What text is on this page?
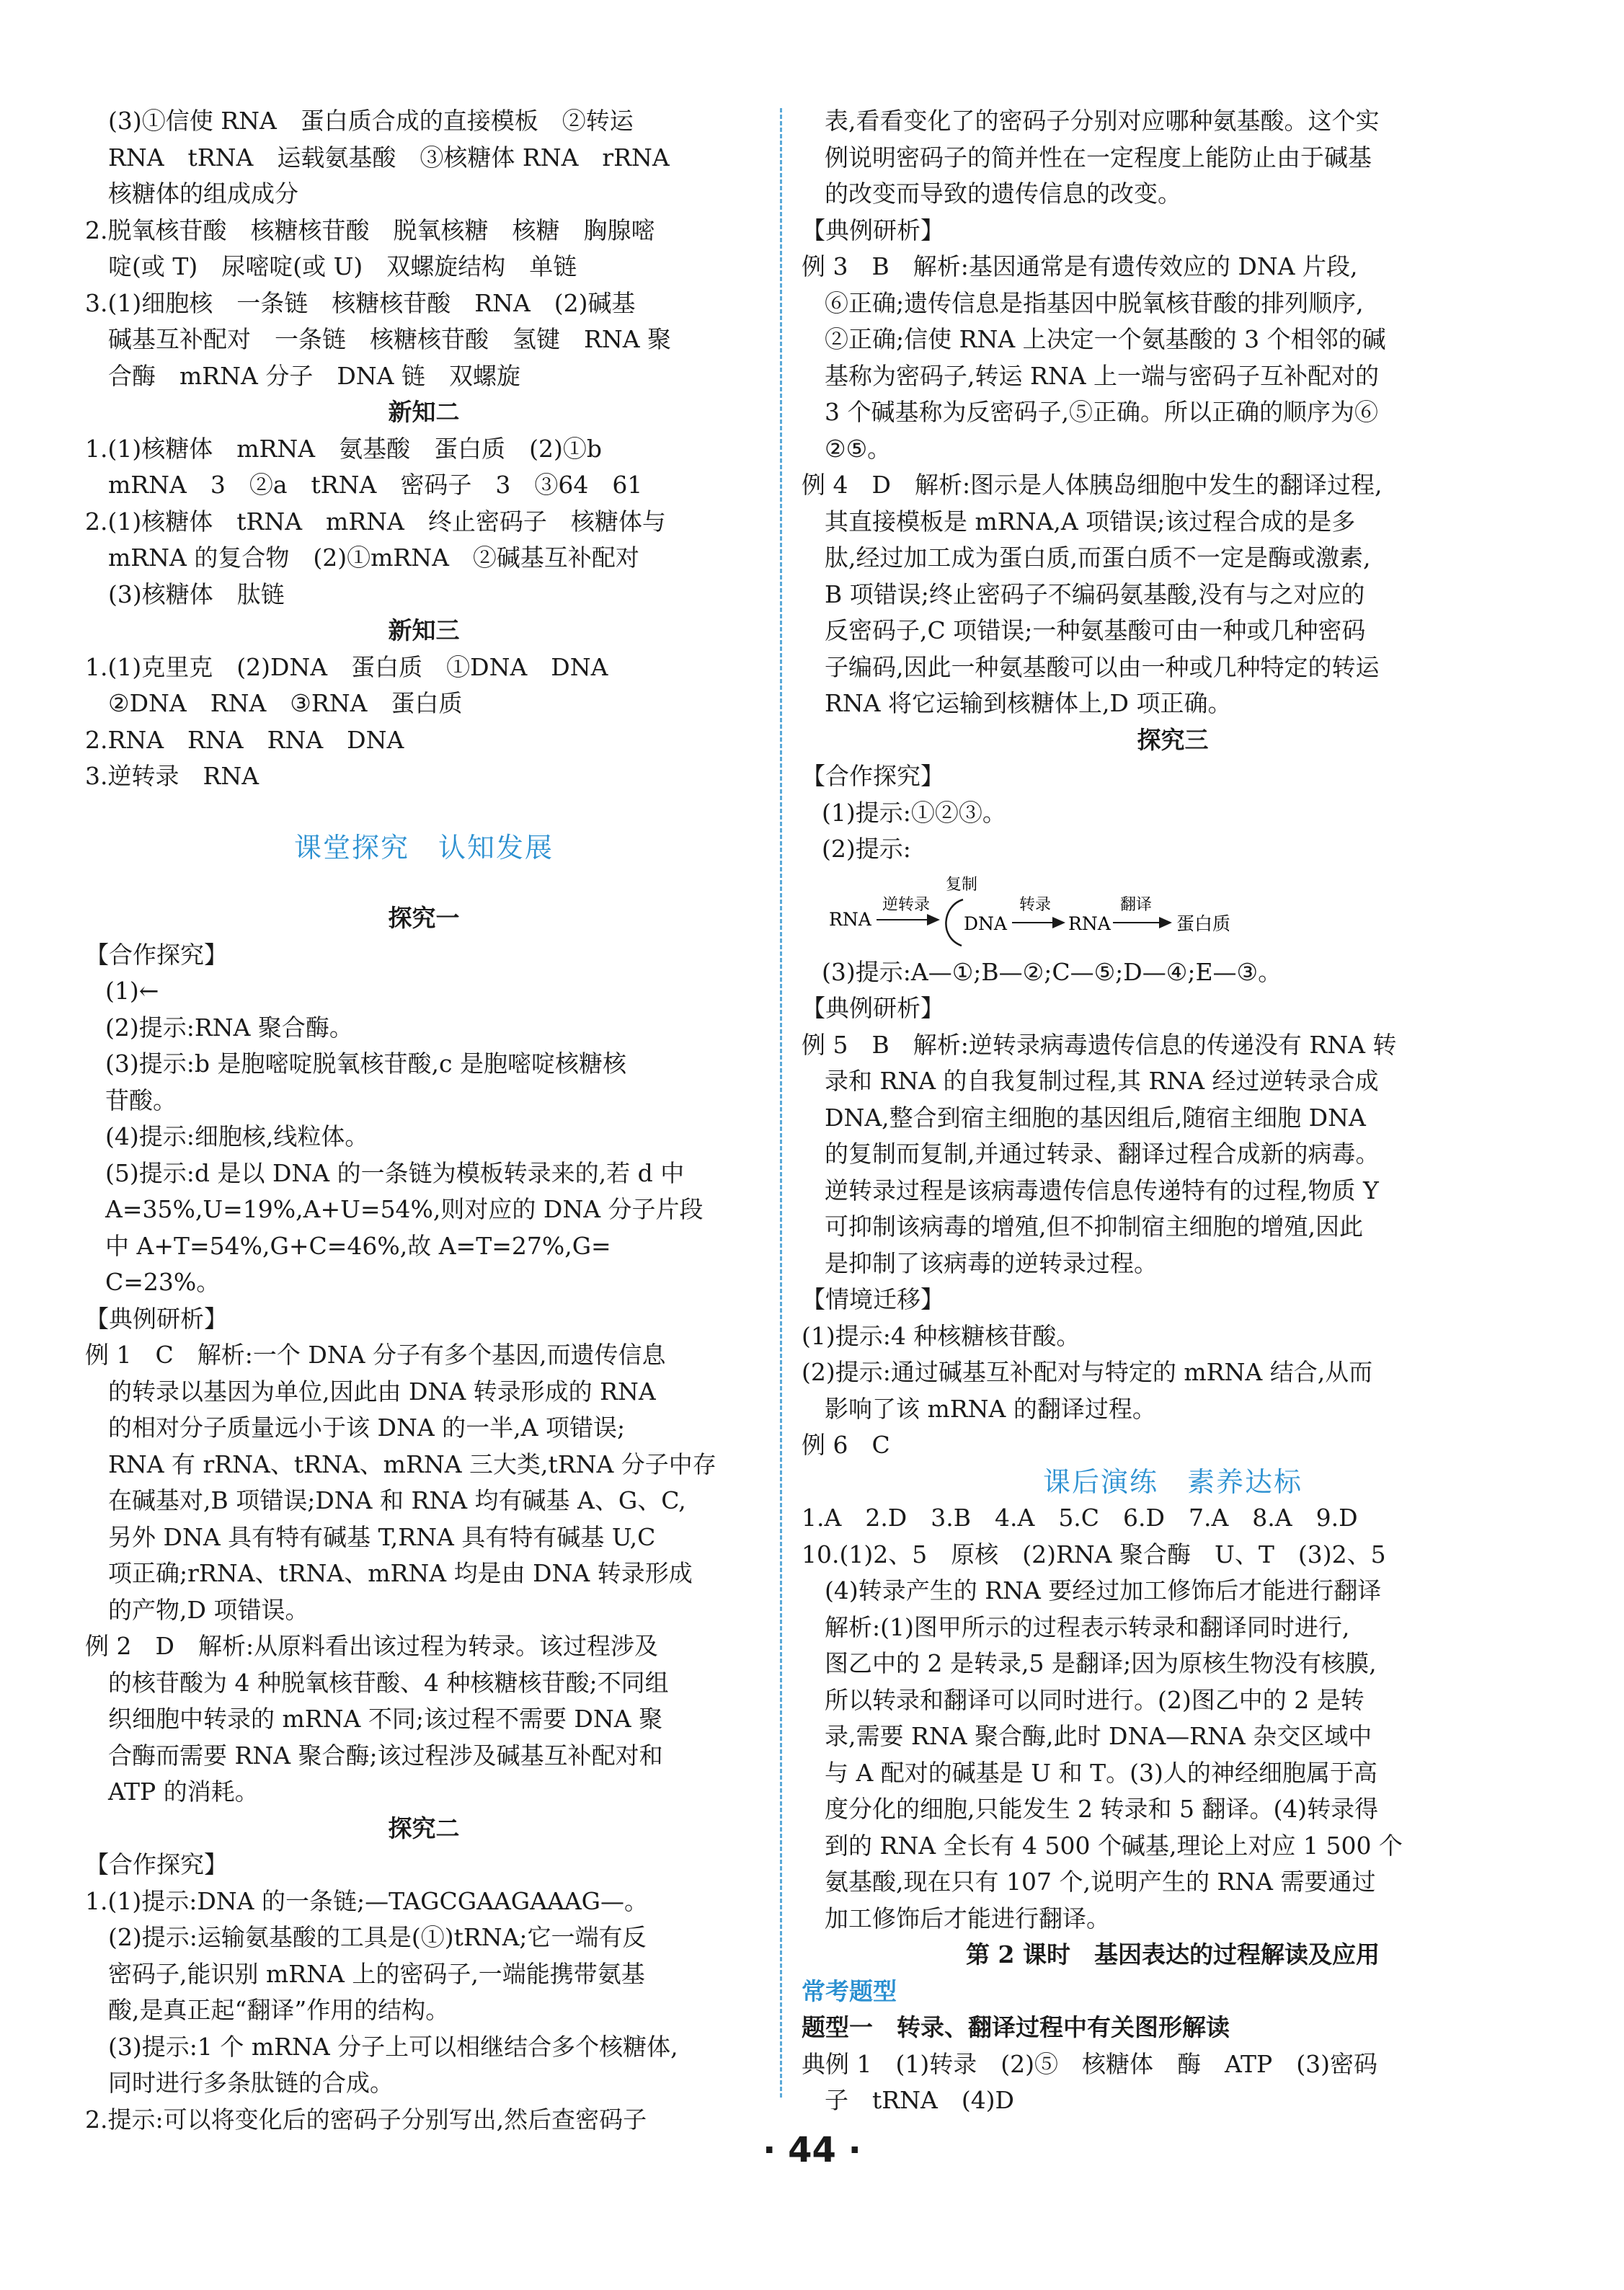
(3)①信使 RNA　蛋白质合成的直接模板　②转运
RNA　tRNA　运载氨基酸　③核糖体 RNA　rRNA
核糖体的组成成分
2.脱氧核苷酸　核糖核苷酸　脱氧核糖　核糖　胸腺嘧
啶(或 T)　尿嘧啶(或 U)　双螺旋结构　单链
3.(1)细胞核　一条链　核糖核苷酸　RNA　(2)碱基
碱基互补配对　一条链　核糖核苷酸　氢键　RNA 聚
合酶　mRNA 分子　DNA 链　双螺旋
新知二
1.(1)核糖体　mRNA　氨基酸　蛋白质　(2)①b
mRNA　3　②a　tRNA　密码子　3　③64　61
2.(1)核糖体　tRNA　mRNA　终止密码子　核糖体与
mRNA 的复合物　(2)①mRNA　②碱基互补配对
(3)核糖体　肽链
新知三
1.(1)克里克　(2)DNA　蛋白质　①DNA　DNA
②DNA　RNA　③RNA　蛋白质
2.RNA　RNA　RNA　DNA
3.逆转录　RNA
课堂探究　认知发展
探究一
【合作探究】
(1)←
(2)提示:RNA 聚合酶。
(3)提示:b 是胞嘧啶脱氧核苷酸,c 是胞嘧啶核糖核
苷酸。
(4)提示:细胞核,线粒体。
(5)提示:d 是以 DNA 的一条链为模板转录来的,若 d 中
A=35%,U=19%,A+U=54%,则对应的 DNA 分子片段
中 A+T=54%,G+C=46%,故 A=T=27%,G=
C=23%。
【典例研析】
例 1　C　解析:一个 DNA 分子有多个基因,而遗传信息
的转录以基因为单位,因此由 DNA 转录形成的 RNA
的相对分子质量远小于该 DNA 的一半,A 项错误;
RNA 有 rRNA、tRNA、mRNA 三大类,tRNA 分子中存
在碱基对,B 项错误;DNA 和 RNA 均有碱基 A、G、C,
另外 DNA 具有特有碱基 T,RNA 具有特有碱基 U,C
项正确;rRNA、tRNA、mRNA 均是由 DNA 转录形成
的产物,D 项错误。
例 2　D　解析:从原料看出该过程为转录。该过程涉及
的核苷酸为 4 种脱氧核苷酸、4 种核糖核苷酸;不同组
织细胞中转录的 mRNA 不同;该过程不需要 DNA 聚
合酶而需要 RNA 聚合酶;该过程涉及碱基互补配对和
ATP 的消耗。
探究二
【合作探究】
1.(1)提示:DNA 的一条链;—TAGCGAAGAAAG—。
(2)提示:运输氨基酸的工具是(①)tRNA;它一端有反
密码子,能识别 mRNA 上的密码子,一端能携带氨基
酸,是真正起“翻译”作用的结构。
(3)提示:1 个 mRNA 分子上可以相继结合多个核糖体,
同时进行多条肽链的合成。
2.提示:可以将变化后的密码子分别写出,然后查密码子
表,看看变化了的密码子分别对应哪种氨基酸。这个实
例说明密码子的简并性在一定程度上能防止由于碱基
的改变而导致的遗传信息的改变。
【典例研析】
例 3　B　解析:基因通常是有遗传效应的 DNA 片段,
⑥正确;遗传信息是指基因中脱氧核苷酸的排列顺序,
②正确;信使 RNA 上决定一个氨基酸的 3 个相邻的碱
基称为密码子,转运 RNA 上一端与密码子互补配对的
3 个碱基称为反密码子,⑤正确。所以正确的顺序为⑥
②⑤。
例 4　D　解析:图示是人体胰岛细胞中发生的翻译过程,
其直接模板是 mRNA,A 项错误;该过程合成的是多
肽,经过加工成为蛋白质,而蛋白质不一定是酶或激素,
B 项错误;终止密码子不编码氨基酸,没有与之对应的
反密码子,C 项错误;一种氨基酸可由一种或几种密码
子编码,因此一种氨基酸可以由一种或几种特定的转运
RNA 将它运输到核糖体上,D 项正确。
探究三
【合作探究】
(1)提示:①②③。
(2)提示:
RNA
逆转录
复制
DNA
转录
RNA
翻译
蛋白质
(3)提示:A—①;B—②;C—⑤;D—④;E—③。
【典例研析】
例 5　B　解析:逆转录病毒遗传信息的传递没有 RNA 转
录和 RNA 的自我复制过程,其 RNA 经过逆转录合成
DNA,整合到宿主细胞的基因组后,随宿主细胞 DNA
的复制而复制,并通过转录、翻译过程合成新的病毒。
逆转录过程是该病毒遗传信息传递特有的过程,物质 Y
可抑制该病毒的增殖,但不抑制宿主细胞的增殖,因此
是抑制了该病毒的逆转录过程。
【情境迁移】
(1)提示:4 种核糖核苷酸。
(2)提示:通过碱基互补配对与特定的 mRNA 结合,从而
影响了该 mRNA 的翻译过程。
例 6　C
课后演练　素养达标
1.A　2.D　3.B　4.A　5.C　6.D　7.A　8.A　9.D
10.(1)2、5　原核　(2)RNA 聚合酶　U、T　(3)2、5
(4)转录产生的 RNA 要经过加工修饰后才能进行翻译
解析:(1)图甲所示的过程表示转录和翻译同时进行,
图乙中的 2 是转录,5 是翻译;因为原核生物没有核膜,
所以转录和翻译可以同时进行。(2)图乙中的 2 是转
录,需要 RNA 聚合酶,此时 DNA—RNA 杂交区域中
与 A 配对的碱基是 U 和 T。(3)人的神经细胞属于高
度分化的细胞,只能发生 2 转录和 5 翻译。(4)转录得
到的 RNA 全长有 4 500 个碱基,理论上对应 1 500 个
氨基酸,现在只有 107 个,说明产生的 RNA 需要通过
加工修饰后才能进行翻译。
第 2 课时　基因表达的过程解读及应用
常考题型
题型一　转录、翻译过程中有关图形解读
典例 1　(1)转录　(2)⑤　核糖体　酶　ATP　(3)密码
子　tRNA　(4)D
· 44 ·
